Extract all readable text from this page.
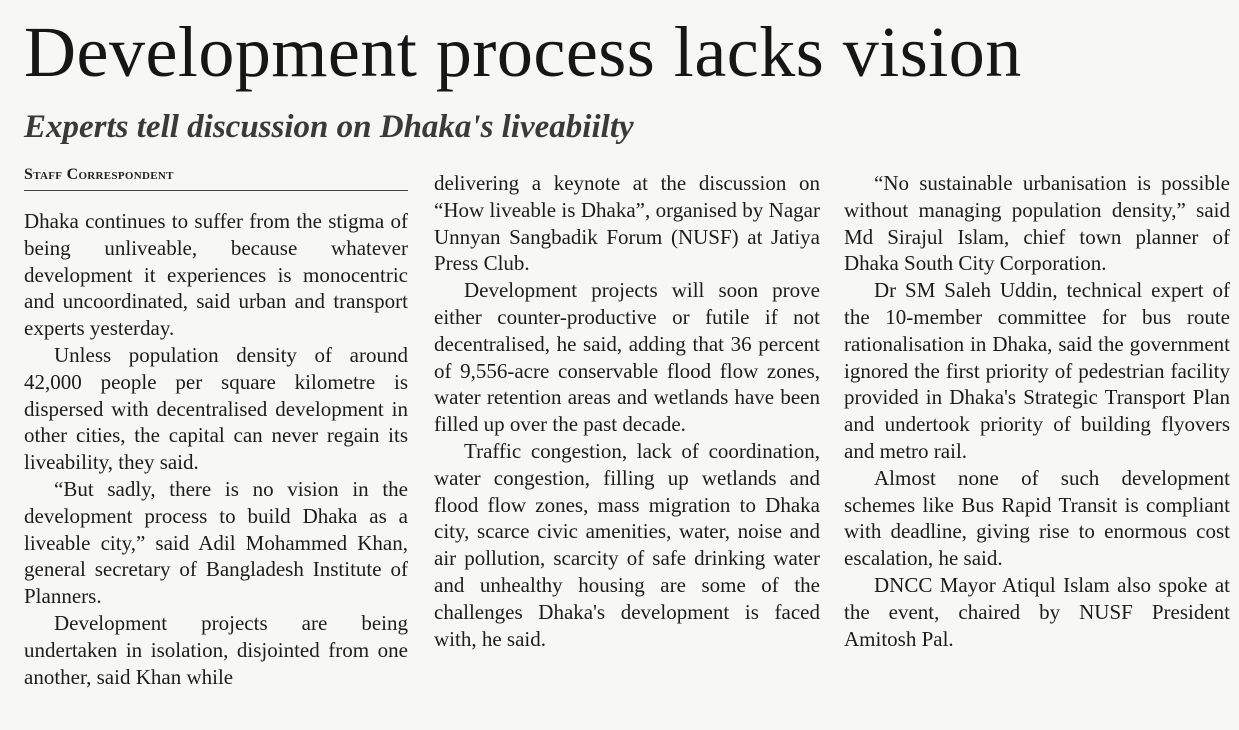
Development process lacks vision
Experts tell discussion on Dhaka's liveabiilty
Staff Correspondent

Dhaka continues to suffer from the stigma of being unliveable, because whatever development it experiences is monocentric and uncoordinated, said urban and transport experts yesterday.

Unless population density of around 42,000 people per square kilometre is dispersed with decentralised development in other cities, the capital can never regain its liveability, they said.

“But sadly, there is no vision in the development process to build Dhaka as a liveable city,” said Adil Mohammed Khan, general secretary of Bangladesh Institute of Planners.

Development projects are being undertaken in isolation, disjointed from one another, said Khan while

delivering a keynote at the discussion on “How liveable is Dhaka”, organised by Nagar Unnyan Sangbadik Forum (NUSF) at Jatiya Press Club.

Development projects will soon prove either counter-productive or futile if not decentralised, he said, adding that 36 percent of 9,556-acre conservable flood flow zones, water retention areas and wetlands have been filled up over the past decade.

Traffic congestion, lack of coordination, water congestion, filling up wetlands and flood flow zones, mass migration to Dhaka city, scarce civic amenities, water, noise and air pollution, scarcity of safe drinking water and unhealthy housing are some of the challenges Dhaka's development is faced with, he said.

“No sustainable urbanisation is possible without managing population density,” said Md Sirajul Islam, chief town planner of Dhaka South City Corporation.

Dr SM Saleh Uddin, technical expert of the 10-member committee for bus route rationalisation in Dhaka, said the government ignored the first priority of pedestrian facility provided in Dhaka's Strategic Transport Plan and undertook priority of building flyovers and metro rail.

Almost none of such development schemes like Bus Rapid Transit is compliant with deadline, giving rise to enormous cost escalation, he said.

DNCC Mayor Atiqul Islam also spoke at the event, chaired by NUSF President Amitosh Pal.
